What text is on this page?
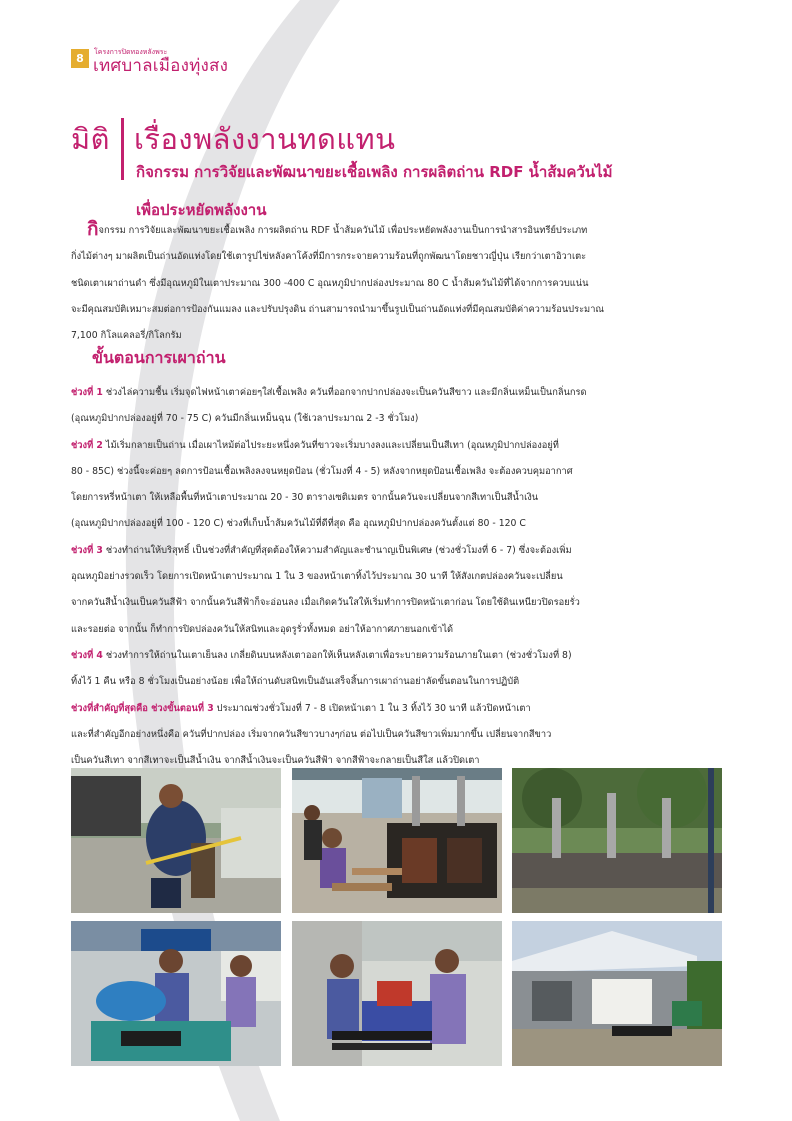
8	โครงการปิดทองหลังพระ
เทศบาลเมืองทุ่งสง
มิติ เรื่องพลังงานทดแทน
กิจกรรม การวิจัยและพัฒนาขยะเชื้อเพลิง การผลิตถ่าน RDF น้ำส้มควันไม้
เพื่อประหยัดพลังงาน
กิจกรรม การวิจัยและพัฒนาขยะเชื้อเพลิง การผลิตถ่าน RDF น้ำส้มควันไม้ เพื่อประหยัดพลังงานเป็นการนำสารอินทรีย์ประเภท
กิ่งไม้ต่างๆ มาผลิตเป็นถ่านอัดแท่งโดยใช้เตารูปไข่หลังคาโค้งที่มีการกระจายความร้อนที่ถูกพัฒนาโดยชาวญี่ปุ่น เรียกว่าเตาอิวาเตะ
ชนิดเตาเผาถ่านดำ ซึ่งมีอุณหภูมิในเตาประมาณ 300 -400 C อุณหภูมิปากปล่องประมาณ 80 C น้ำส้มควันไม้ที่ได้จากการควบแน่น
จะมีคุณสมบัติเหมาะสมต่อการป้องกันแมลง และปรับปรุงดิน ถ่านสามารถนำมาขึ้นรูปเป็นถ่านอัดแท่งที่มีคุณสมบัติค่าความร้อนประมาณ
7,100 กิโลแคลอรี่/กิโลกรัม
ขั้นตอนการเผาถ่าน
ช่วงที่ 1 ช่วงไล่ความชื้น เริ่มจุดไฟหน้าเตาค่อยๆใส่เชื้อเพลิง ควันที่ออกจากปากปล่องจะเป็นควันสีขาว และมีกลิ่นเหม็นเป็นกลิ่นกรด
(อุณหภูมิปากปล่องอยู่ที่ 70 - 75 C) ควันมีกลิ่นเหม็นฉุน (ใช้เวลาประมาณ 2 -3 ชั่วโมง)
ช่วงที่ 2 ไม้เริ่มกลายเป็นถ่าน เมื่อเผาไหม้ต่อไประยะหนึ่งควันที่ขาวจะเริ่มบางลงและเปลี่ยนเป็นสีเทา (อุณหภูมิปากปล่องอยู่ที่
80 - 85C) ช่วงนี้จะค่อยๆ ลดการป้อนเชื้อเพลิงลงจนหยุดป้อน (ชั่วโมงที่ 4 - 5) หลังจากหยุดป้อนเชื้อเพลิง จะต้องควบคุมอากาศ
โดยการหรี่หน้าเตา ให้เหลือพื้นที่หน้าเตาประมาณ 20 - 30 ตารางเซติเมตร จากนั้นควันจะเปลี่ยนจากสีเทาเป็นสีน้ำเงิน
(อุณหภูมิปากปล่องอยู่ที่ 100 - 120 C) ช่วงที่เก็บน้ำส้มควันไม้ที่ดีที่สุด คือ อุณหภูมิปากปล่องควันตั้งแต่ 80 - 120 C
ช่วงที่ 3 ช่วงทำถ่านให้บริสุทธิ์ เป็นช่วงที่สำคัญที่สุดต้องให้ความสำคัญและชำนาญเป็นพิเศษ (ช่วงชั่วโมงที่ 6 - 7) ซึ่งจะต้องเพิ่ม
อุณหภูมิอย่างรวดเร็ว โดยการเปิดหน้าเตาประมาณ 1 ใน 3 ของหน้าเตาทิ้งไว้ประมาณ 30 นาที ให้สังเกตปล่องควันจะเปลี่ยน
จากควันสีน้ำเงินเป็นควันสีฟ้า จากนั้นควันสีฟ้าก็จะอ่อนลง เมื่อเกิดควันใสให้เริ่มทำการปิดหน้าเตาก่อน โดยใช้ดินเหนียวปิดรอยรั่ว
และรอยต่อ จากนั้น ก็ทำการปิดปล่องควันให้สนิทและอุดรูรั่วทั้งหมด อย่าให้อากาศภายนอกเข้าได้
ช่วงที่ 4 ช่วงทำการให้ถ่านในเตาเย็นลง เกลี่ยดินบนหลังเตาออกให้เห็นหลังเตาเพื่อระบายความร้อนภายในเตา (ช่วงชั่วโมงที่ 8)
ทิ้งไว้ 1 คืน หรือ 8 ชั่วโมงเป็นอย่างน้อย เพื่อให้ถ่านดับสนิทเป็นอันเสร็จสิ้นการเผาถ่านอย่าลัดขั้นตอนในการปฏิบัติ
ช่วงที่สำคัญที่สุดคือ ช่วงขั้นตอนที่ 3 ประมาณช่วงชั่วโมงที่ 7 - 8 เปิดหน้าเตา 1 ใน 3 ทิ้งไว้ 30 นาที แล้วปิดหน้าเตา
และที่สำคัญอีกอย่างหนึ่งคือ ควันที่ปากปล่อง เริ่มจากควันสีขาวบางๆก่อน ต่อไปเป็นควันสีขาวเพิ่มมากขึ้น เปลี่ยนจากสีขาว
เป็นควันสีเทา จากสีเทาจะเป็นสีน้ำเงิน จากสีน้ำเงินจะเป็นควันสีฟ้า จากสีฟ้าจะกลายเป็นสีใส แล้วปิดเตา
